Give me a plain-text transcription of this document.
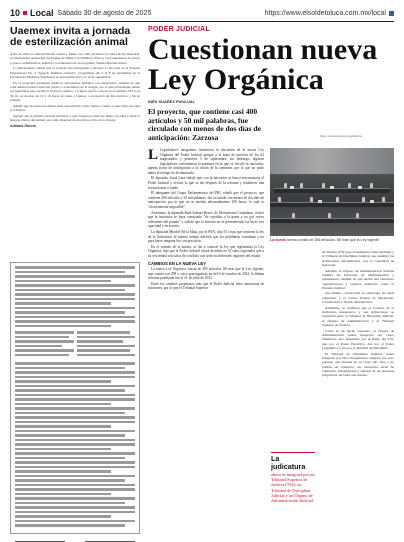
10 Local Sábado 30 de agosto de 2025	https://www.elsoldetoluca.com.mx/local
Uaemex invita a jornada de esterilización animal

A fin de evitar la sobrepoblación canina y felina, así como promover la salud de las mascotas, la Universidad Autónoma del Estado de México (UAEMex) invita a los propietarios de perros y gatos a esterilizarlos, señaló la coordinadora de su programa, Susana Morales Ibarra.

La universitaria, refirió que la jornada está incluyendo a llevarse a cabo este en la Escuela Preparatoria No. 4 "Ignacio Ramírez Calzada", programada del 2 al 8 de septiembre en la Facultad de Medicina Veterinaria se desarrollará del 2 al 12 de septiembre.

En el programa participan médicos veterinarios titulados con experiencia, además de que cada animal recibirá atención previa y al momento de la cirugía, por lo que previamente deben ser agendados para recibir el servicio; registro: 1) checar precio colocar en el teléfono 722 2-14 56 16, en horario de 10 a 14 horas de lunes a viernes, a excepción de días festivos y fin de semana.

Añadió que las mascotas deben tener una edad de cuatro meses a cuatro o siete años, de edad y el 8 kilos.

Agregó que la primera jornada será libre y que la mascota debe ser mayor de edad y saber la historia clínica del animal, así como disponer de dos horas el día de la cirugía.

Adriana García
PODER JUDICIAL
Cuestionan nueva Ley Orgánica
INÉS SUÁREZ PASCUAL
El proyecto, que contiene casi 400 artículos y 50 mil palabras, fue circulado con menos de dos días de anticipación: Zarzosa	Foto: protesta de la Legislatura
La nueva norma consta de 385 artículos, 86 más que la Ley vigente

L Legisladores integrantes insistieron la discusión de la nueva Ley Orgánica del Poder Judicial porque a la toma de protesta de los 64 magistrados y primeros 5 de septiembre, sin embargo, algunos legisladores cuestionaron la premura en la que se circuló la iniciativa, apenas horas de anticipación a la sesión de la comisión, por lo que no pudo haber el tiempo de dictaminarlo.

El diputado Josué Lara señaló que con la iniciativa se busca reestructurar el Poder Judicial y revisar lo que se dio después de la reforma y establecer una revisión más a fondo.

El integrante del Grupo Parlamentario del PRI, señaló que el proyecto, que contiene 400 artículos y 50 mil palabras, fue circulado con menos de dos días de anticipación, por lo que no se analizó adecuadamente 200 horas, lo cual es "técnicamente imposible".

Asimismo, la diputada Ruth Salinas Reyes, de Movimiento Ciudadano, criticó que la iniciativa se haya construido "de espaldas a la gente y no por voces relevantes del pasado" y señaló que la historia no es pretendiendo las leyes con opacidad y en secreto.

La diputada Mirabel Silva Mata, por el PAN, dijo 55 cosas que contiene la ley de la Judicatura, al mismo tiempo advirtió que los problemas continúan y no para hacer ninguna ley con precisión.

En el sentido de la norma, se dio a conocer la ley que reglamenta la Ley Orgánica, dijo que el Poder Judicial estará dividido en 55 salas regionales que a su vez tendrá seis salas de conflicto con sede en diferentes regiones del estado.

CAMBIOS EN LA NUEVA LEY

La nueva Ley Orgánica consta de 385 artículos, 86 más que la Ley vigente, que cuenta con 299 y cinco prerrogativas en del 6 de octubre de 2022, la última reforma publicada fue el 21 de julio de 2022.

Entre los cambios propuestos más que el Poder Judicial tiene autonomía de funciones, por lo que el Tribunal Superior

de Justicia (TSJ) que actualmente existe dividido y el Tribunal de Disciplina Judicial, que asumirá las atribuciones disciplinarias, con la capacidad de funcionar.

Además, el Órgano de Administración Judicial asumirá las funciones de administración y presupuesto, además de que tendrá una estructura organizacional y órganos auxiliares como la Escuela Judicial.

Así mismo, conservarán su estructura las salas regionales y el Centro Estatal de Mediación, Conciliación y Justicia Restaurativa.

Asimismo, se establece que el Consejo de la Judicatura desaparece, y sus atribuciones se repartirán entre el Tribunal de Disciplina Judicial, el Órgano de Administración y el Tribunal Superior de Justicia.

Como es un hecho esperado, el Órgano de Administración estará integrado por cinco miembros: uno designado por el Pleno del TSJ, uno por el Poder Ejecutivo, dos por el Poder Legislativo y uno por el Tribunal de Disciplina.

El Tribunal de Disciplina Judicial, estará integrado por cinco magistrados, elegidos por voto popular, que durarán en su cargo seis años y no podrán ser reelectos, sus funciones serán de vigilancia, investigación y sanción de las personas juzgadoras, de todos sus niveles.

La judicatura
ahora se integrará por un Tribunal Superior de Justicia (TSJ), un Tribunal de Disciplina Judicial y un Órgano de Administración Judicial
